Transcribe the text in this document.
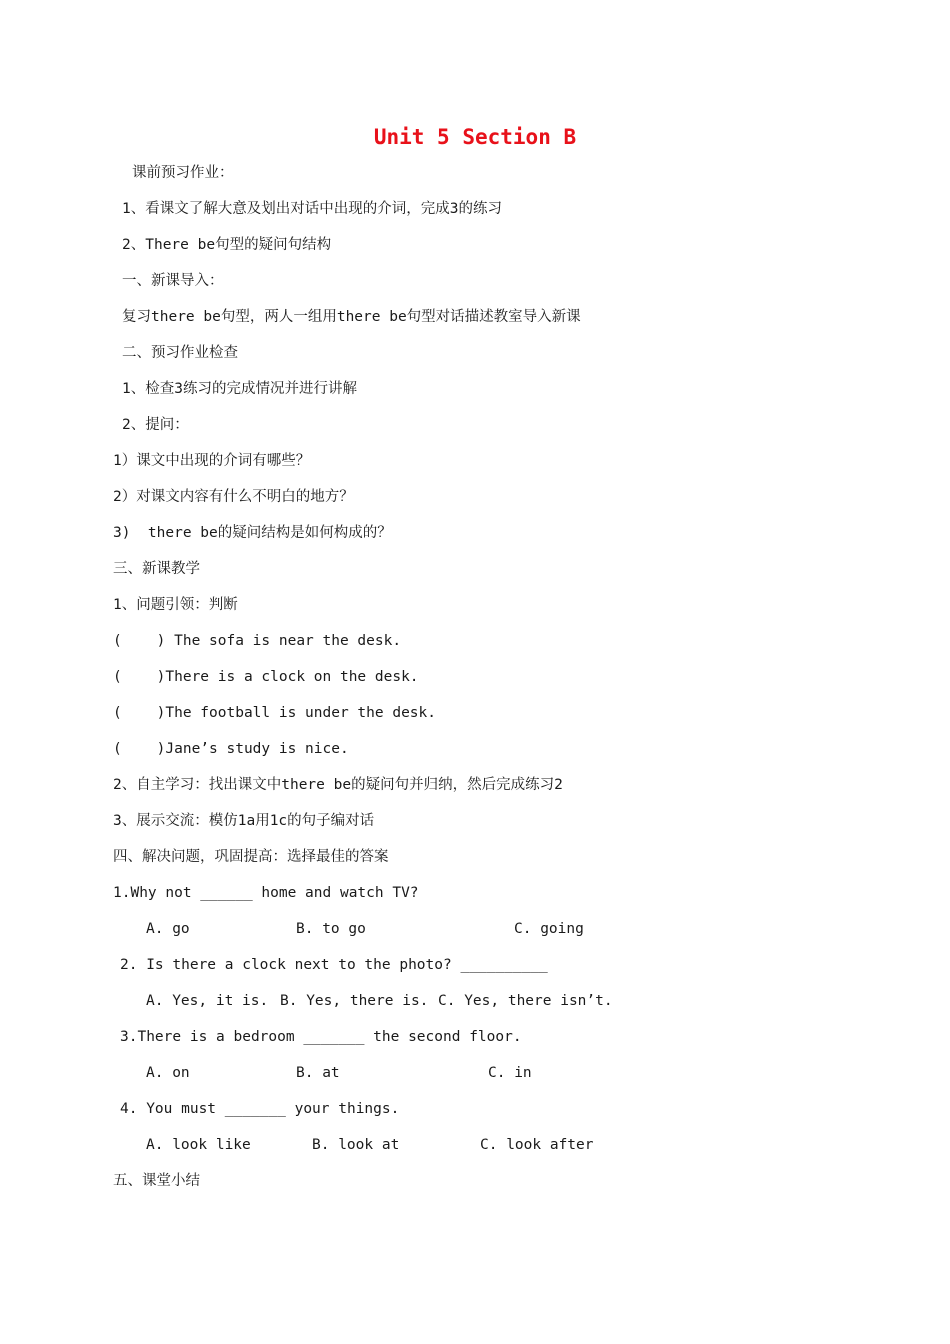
Unit 5 Section B
课前预习作业：
1、看课文了解大意及划出对话中出现的介词，完成3的练习
2、There be句型的疑问句结构
一、新课导入：
复习there be句型，两人一组用there be句型对话描述教室导入新课
二、预习作业检查
1、检查3练习的完成情况并进行讲解
2、提问：
1）课文中出现的介词有哪些？
2）对课文内容有什么不明白的地方？
3)  there be的疑问结构是如何构成的？
三、新课教学
1、问题引领：判断
(    ) The sofa is near the desk.
(    )There is a clock on the desk.
(    )The football is under the desk.
(    )Jane’s study is nice.
2、自主学习：找出课文中there be的疑问句并归纳，然后完成练习2
3、展示交流：模仿1a用1c的句子编对话
四、解决问题，巩固提高：选择最佳的答案
1.Why not ______ home and watch TV?

A. go

	B. to go

	C. going

2. Is there a clock next to the photo? __________

A. Yes, it is.

B. Yes, there is.

C. Yes, there isn’t.

3.There is a bedroom _______ the second floor.

A. on

	B. at

	C. in

4. You must _______ your things.

A. look like

	B. look at

	C. look after

五、课堂小结
